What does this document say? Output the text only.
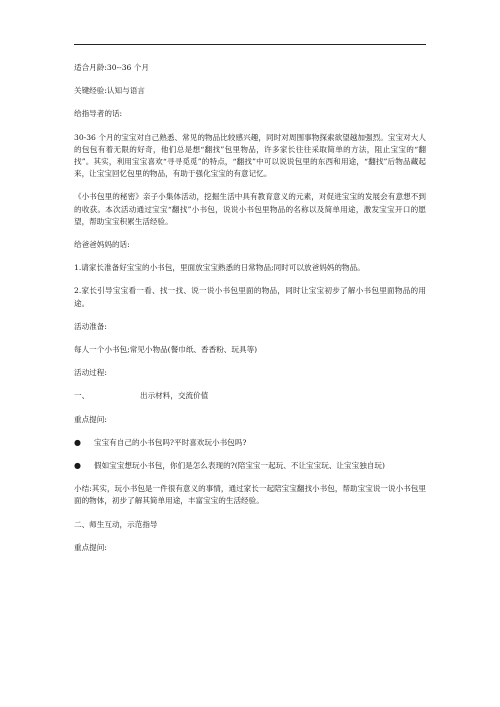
适合月龄:30--36 个月

关键经验:认知与语言

给指导者的话:

30-36 个月的宝宝对自己熟悉、常见的物品比较感兴趣，同时对周围事物探索欲望越加强烈。宝宝对大人的包包有着无限的好奇，他们总是想“翻找”包里物品，许多家长往往采取简单的方法，阻止宝宝的“翻找”。其实，利用宝宝喜欢“寻寻觅觅”的特点，“翻找”中可以说说包里的东西和用途，“翻找”后物品藏起来，让宝宝回忆包里的物品，有助于强化宝宝的有意记忆。

《小书包里的秘密》亲子小集体活动，挖掘生活中具有教育意义的元素，对促进宝宝的发展会有意想不到的收获。本次活动通过宝宝“翻找”小书包，说说小书包里物品的名称以及简单用途，激发宝宝开口的愿望，帮助宝宝积累生活经验。

给爸爸妈妈的话:

1.请家长准备好宝宝的小书包，里面放宝宝熟悉的日常物品;同时可以放爸妈妈的物品。

2.家长引导宝宝看一看、找一找、说一说小书包里面的物品，同时让宝宝初步了解小书包里面物品的用途。

活动准备:

每人一个小书包;常见小物品(餐巾纸、香香粉、玩具等)

活动过程:

一、	出示材料，交流价值

重点提问:

●	宝宝有自己的小书包吗?平时喜欢玩小书包吗?
●	假如宝宝想玩小书包，你们是怎么表现的?(陪宝宝一起玩、不让宝宝玩、让宝宝独自玩)

小结:其实，玩小书包是一件很有意义的事情，通过家长一起陪宝宝翻找小书包，帮助宝宝说一说小书包里面的物体，初步了解其简单用途，丰富宝宝的生活经验。

二、师生互动，示范指导

重点提问:
